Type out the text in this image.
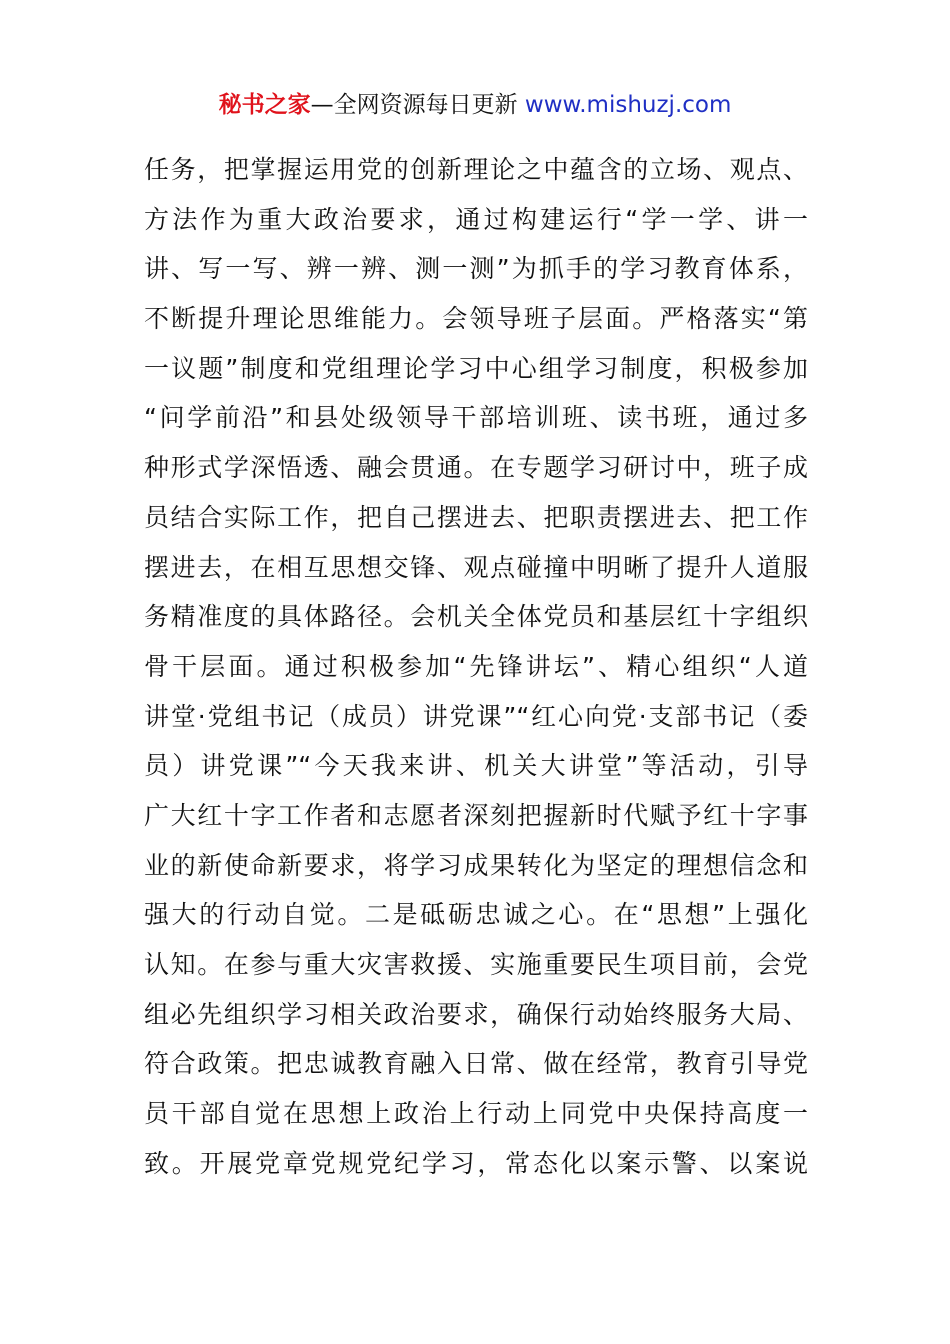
秘书之家—全网资源每日更新 www.mishuzj.com
任务，把掌握运用党的创新理论之中蕴含的立场、观点、
方法作为重大政治要求，通过构建运行“学一学、讲一
讲、写一写、辨一辨、测一测”为抓手的学习教育体系，
不断提升理论思维能力。会领导班子层面。严格落实“第
一议题”制度和党组理论学习中心组学习制度，积极参加
“问学前沿”和县处级领导干部培训班、读书班，通过多
种形式学深悟透、融会贯通。在专题学习研讨中，班子成
员结合实际工作，把自己摆进去、把职责摆进去、把工作
摆进去，在相互思想交锋、观点碰撞中明晰了提升人道服
务精准度的具体路径。会机关全体党员和基层红十字组织
骨干层面。通过积极参加“先锋讲坛”、精心组织“人道
讲堂·党组书记（成员）讲党课”“红心向党·支部书记（委
员）讲党课”“今天我来讲、机关大讲堂”等活动，引导
广大红十字工作者和志愿者深刻把握新时代赋予红十字事
业的新使命新要求，将学习成果转化为坚定的理想信念和
强大的行动自觉。二是砥砺忠诚之心。在“思想”上强化
认知。在参与重大灾害救援、实施重要民生项目前，会党
组必先组织学习相关政治要求，确保行动始终服务大局、
符合政策。把忠诚教育融入日常、做在经常，教育引导党
员干部自觉在思想上政治上行动上同党中央保持高度一
致。开展党章党规党纪学习，常态化以案示警、以案说
